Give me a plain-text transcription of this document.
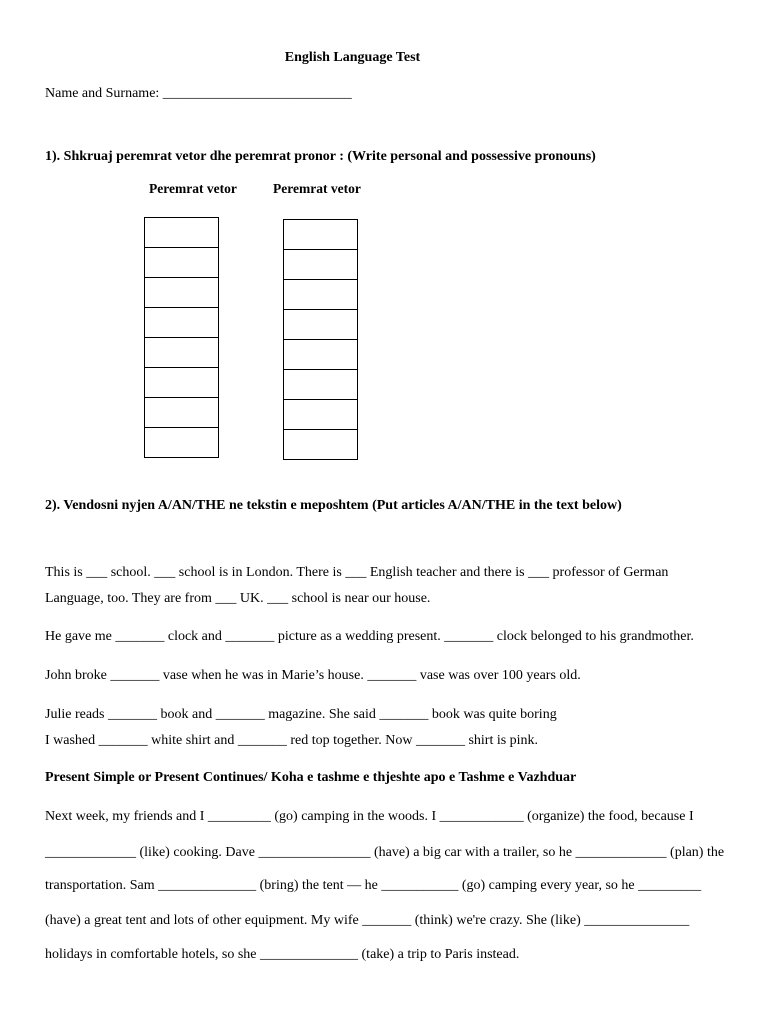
English Language Test
Name and Surname: ___________________________
1). Shkruaj peremrat vetor dhe peremrat pronor : (Write personal and possessive pronouns)
Peremrat vetor	Peremrat vetor
2). Vendosni nyjen A/AN/THE ne tekstin e meposhtem (Put articles A/AN/THE in the text below)
This is ___ school. ___ school is in London. There is ___ English teacher and there is ___ professor of German
Language, too. They are from ___ UK. ___ school is near our house.
He gave me _______ clock and _______ picture as a wedding present. _______ clock belonged to his grandmother.
John broke _______ vase when he was in Marie’s house. _______ vase was over 100 years old.
Julie reads _______ book and _______ magazine. She said _______ book was quite boring
I washed _______ white shirt and _______ red top together. Now _______ shirt is pink.
Present Simple or Present Continues/ Koha e tashme e thjeshte apo e Tashme e Vazhduar
Next week, my friends and I _________ (go) camping in the woods. I ____________ (organize) the food, because I
_____________ (like) cooking. Dave ________________ (have) a big car with a trailer, so he _____________ (plan) the
transportation. Sam ______________ (bring) the tent — he ___________ (go) camping every year, so he _________
(have) a great tent and lots of other equipment. My wife _______ (think) we're crazy. She (like) _______________
holidays in comfortable hotels, so she ______________ (take) a trip to Paris instead.
